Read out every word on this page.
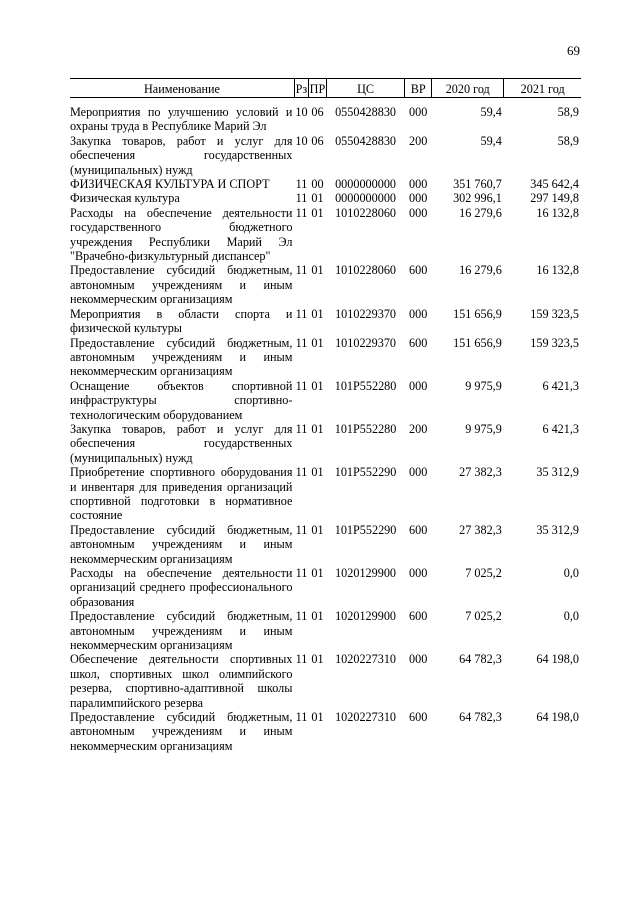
69
Наименование	Рз	ПР	ЦС	ВР	2020 год	2021 год

Мероприятия по улучшению условий и охраны труда в Республике Марий Эл	10	06	0550428830	000	59,4	58,9
Закупка товаров, работ и услуг для обеспечения государственных (муниципальных) нужд	10	06	0550428830	200	59,4	58,9
ФИЗИЧЕСКАЯ КУЛЬТУРА И СПОРТ	11	00	0000000000	000	351 760,7	345 642,4
Физическая культура	11	01	0000000000	000	302 996,1	297 149,8
Расходы на обеспечение деятельности государственного бюджетного учреждения Республики Марий Эл "Врачебно-физкультурный диспансер"	11	01	1010228060	000	16 279,6	16 132,8
Предоставление субсидий бюджетным, автономным учреждениям и иным некоммерческим организациям	11	01	1010228060	600	16 279,6	16 132,8
Мероприятия в области спорта и физической культуры	11	01	1010229370	000	151 656,9	159 323,5
Предоставление субсидий бюджетным, автономным учреждениям и иным некоммерческим организациям	11	01	1010229370	600	151 656,9	159 323,5
Оснащение объектов спортивной инфраструктуры спортивно-технологическим оборудованием	11	01	101P552280	000	9 975,9	6 421,3
Закупка товаров, работ и услуг для обеспечения государственных (муниципальных) нужд	11	01	101P552280	200	9 975,9	6 421,3
Приобретение спортивного оборудования и инвентаря для приведения организаций спортивной подготовки в нормативное состояние	11	01	101P552290	000	27 382,3	35 312,9
Предоставление субсидий бюджетным, автономным учреждениям и иным некоммерческим организациям	11	01	101P552290	600	27 382,3	35 312,9
Расходы на обеспечение деятельности организаций среднего профессионального образования	11	01	1020129900	000	7 025,2	0,0
Предоставление субсидий бюджетным, автономным учреждениям и иным некоммерческим организациям	11	01	1020129900	600	7 025,2	0,0
Обеспечение деятельности спортивных школ, спортивных школ олимпийского резерва, спортивно-адаптивной школы паралимпийского резерва	11	01	1020227310	000	64 782,3	64 198,0
Предоставление субсидий бюджетным, автономным учреждениям и иным некоммерческим организациям	11	01	1020227310	600	64 782,3	64 198,0
